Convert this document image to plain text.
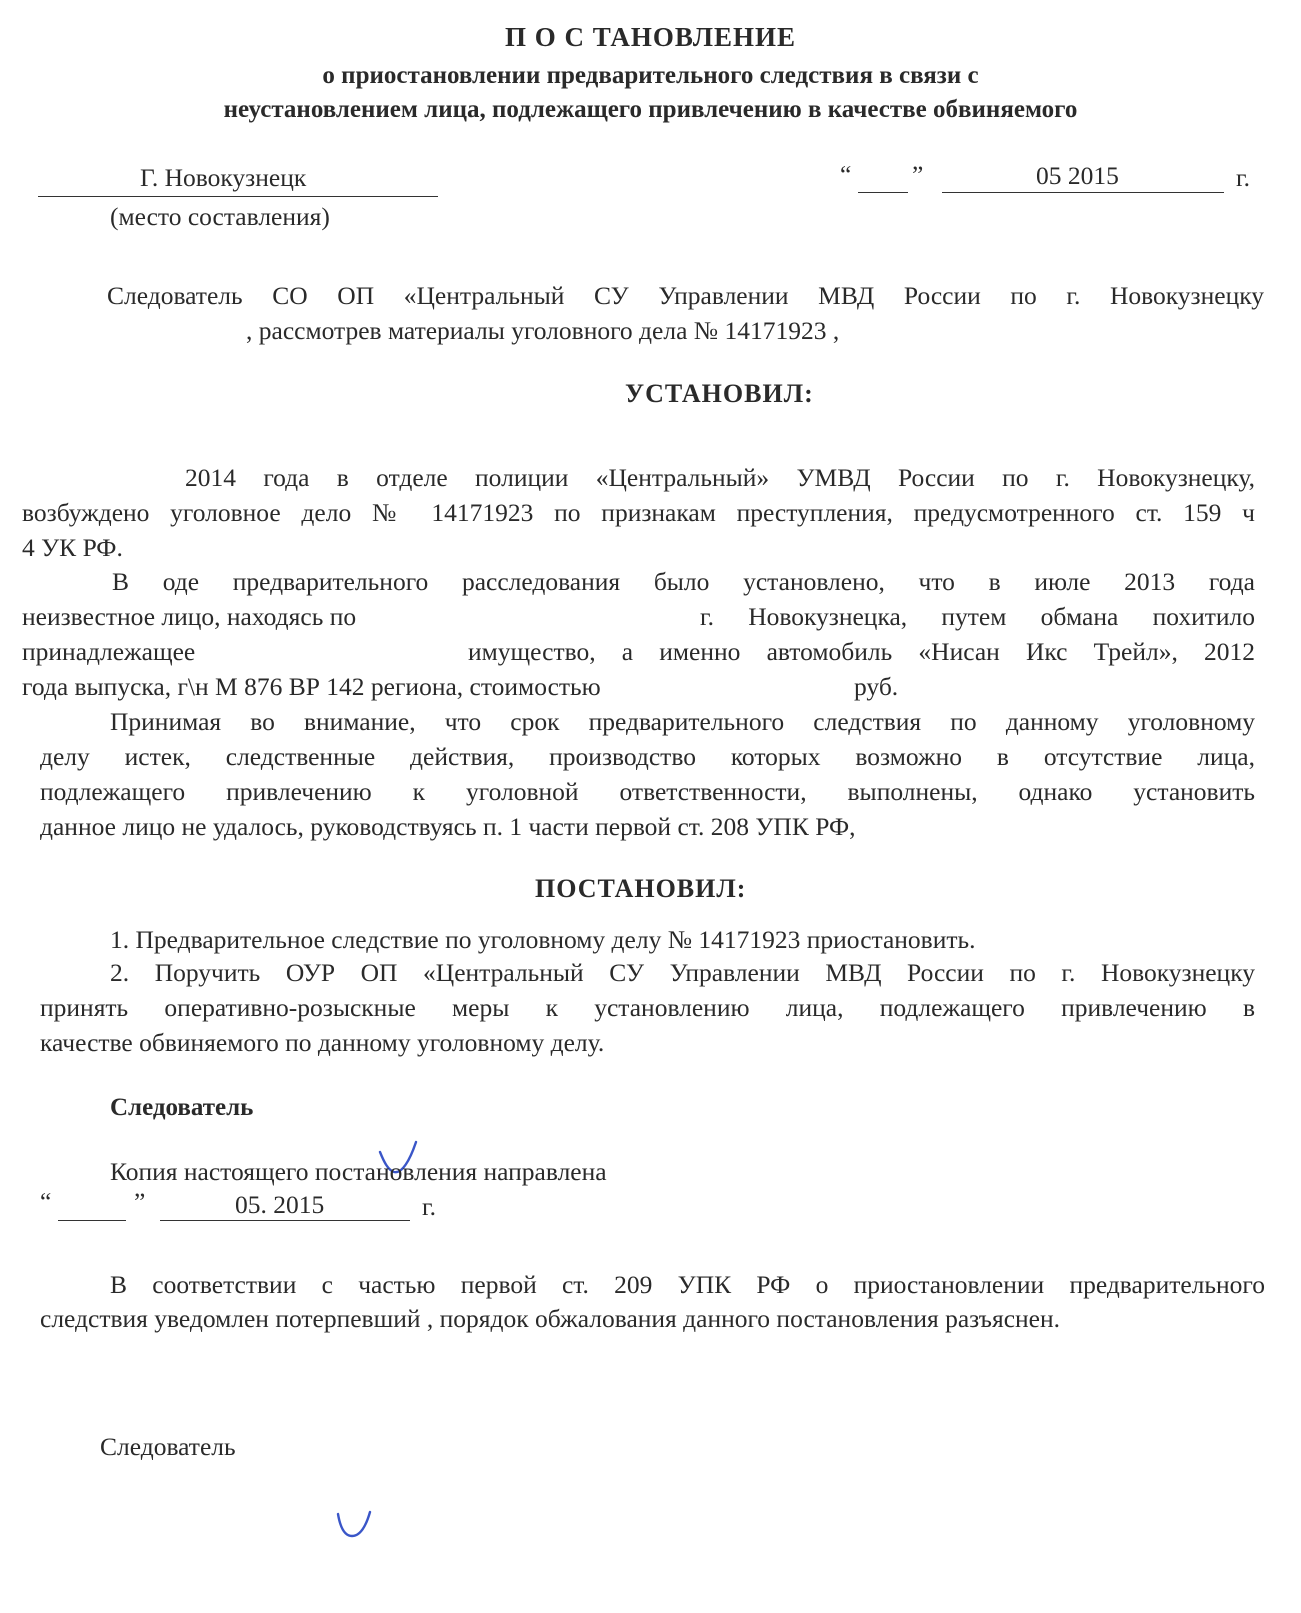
П О С ТАНОВЛЕНИЕ
о приостановлении предварительного следствия в связи с
неустановлением лица, подлежащего привлечению в качестве обвиняемого
Г. Новокузнецк
(место составления)
“ ”	05 2015	г.
Следователь СО ОП «Центральный СУ Управлении МВД России по г. Новокузнецку
, рассмотрев материалы уголовного дела № 14171923 ,
УСТАНОВИЛ:
2014 года в отделе полиции «Центральный» УМВД России по г. Новокузнецку,
возбуждено уголовное дело № 14171923 по признакам преступления, предусмотренного ст. 159 ч
4 УК РФ.
В оде предварительного расследования было установлено, что в июле 2013 года
неизвестное лицо, находясь по	г. Новокузнецка, путем обмана похитило
принадлежащее	имущество, а именно автомобиль «Нисан Икс Трейл», 2012
года выпуска, г\н М 876 ВР 142 региона, стоимостью	руб.
Принимая во внимание, что срок предварительного следствия по данному уголовному
делу истек, следственные действия, производство которых возможно в отсутствие лица,
подлежащего привлечению к уголовной ответственности, выполнены, однако установить
данное лицо не удалось, руководствуясь п. 1 части первой ст. 208 УПК РФ,
ПОСТАНОВИЛ:
1. Предварительное следствие по уголовному делу № 14171923 приостановить.
2. Поручить ОУР ОП «Центральный СУ Управлении МВД России по г. Новокузнецку
принять оперативно-розыскные меры к установлению лица, подлежащего привлечению в
качестве обвиняемого по данному уголовному делу.
Следователь
Копия настоящего постановления направлена
“	”	05. 2015	г.
В соответствии с частью первой ст. 209 УПК РФ о приостановлении предварительного
следствия уведомлен потерпевший , порядок обжалования данного постановления разъяснен.
Следователь
